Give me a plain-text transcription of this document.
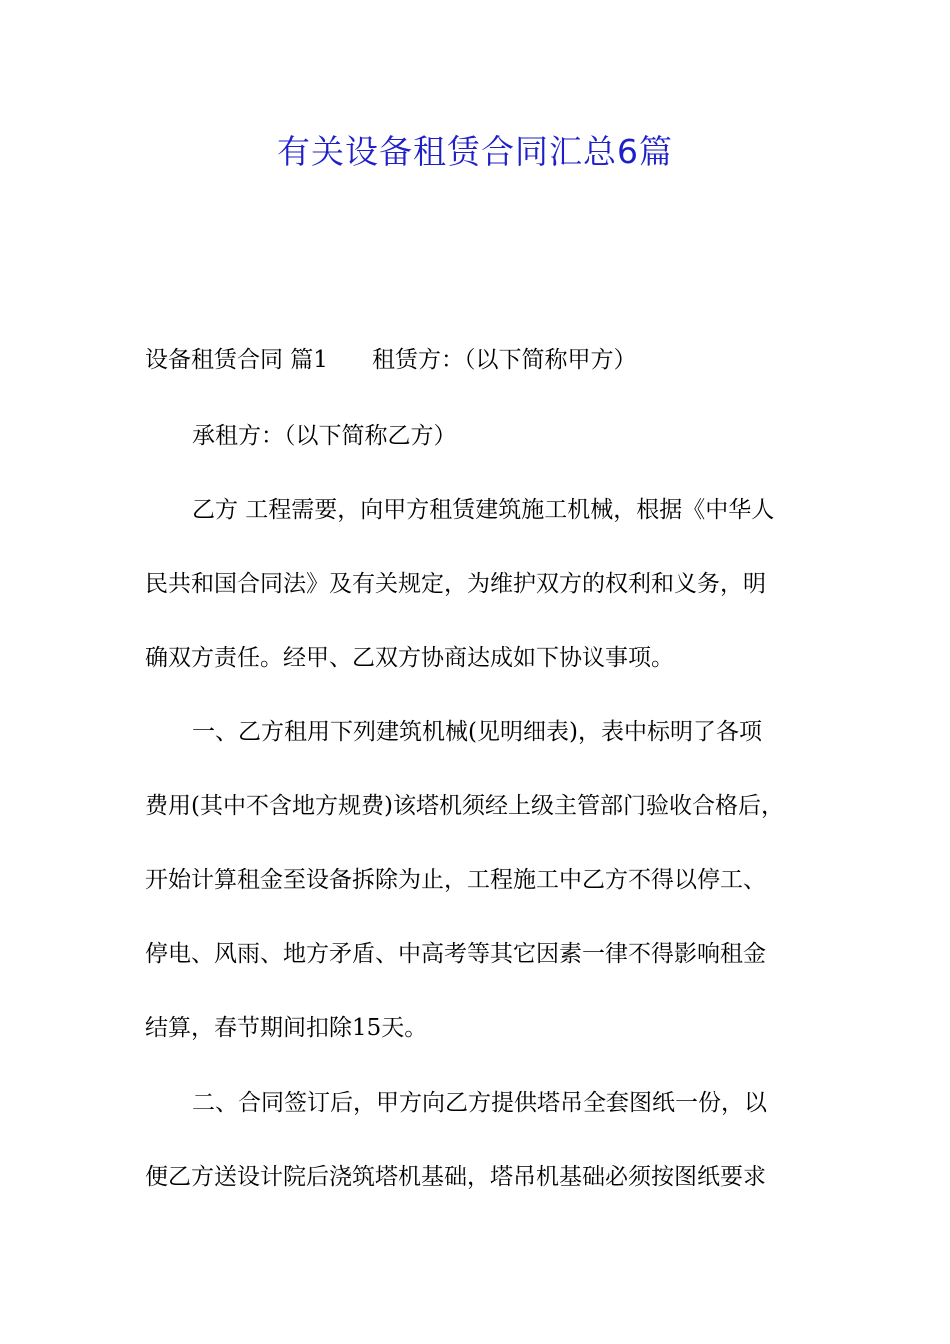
有关设备租赁合同汇总6篇
设备租赁合同 篇1 租赁方：（以下简称甲方）
承租方：（以下简称乙方）
乙方 工程需要，向甲方租赁建筑施工机械，根据《中华人
民共和国合同法》及有关规定，为维护双方的权利和义务，明
确双方责任。经甲、乙双方协商达成如下协议事项。
一、乙方租用下列建筑机械(见明细表)，表中标明了各项
费用(其中不含地方规费)该塔机须经上级主管部门验收合格后，
开始计算租金至设备拆除为止，工程施工中乙方不得以停工、
停电、风雨、地方矛盾、中高考等其它因素一律不得影响租金
结算，春节期间扣除15天。
二、合同签订后，甲方向乙方提供塔吊全套图纸一份，以
便乙方送设计院后浇筑塔机基础，塔吊机基础必须按图纸要求
